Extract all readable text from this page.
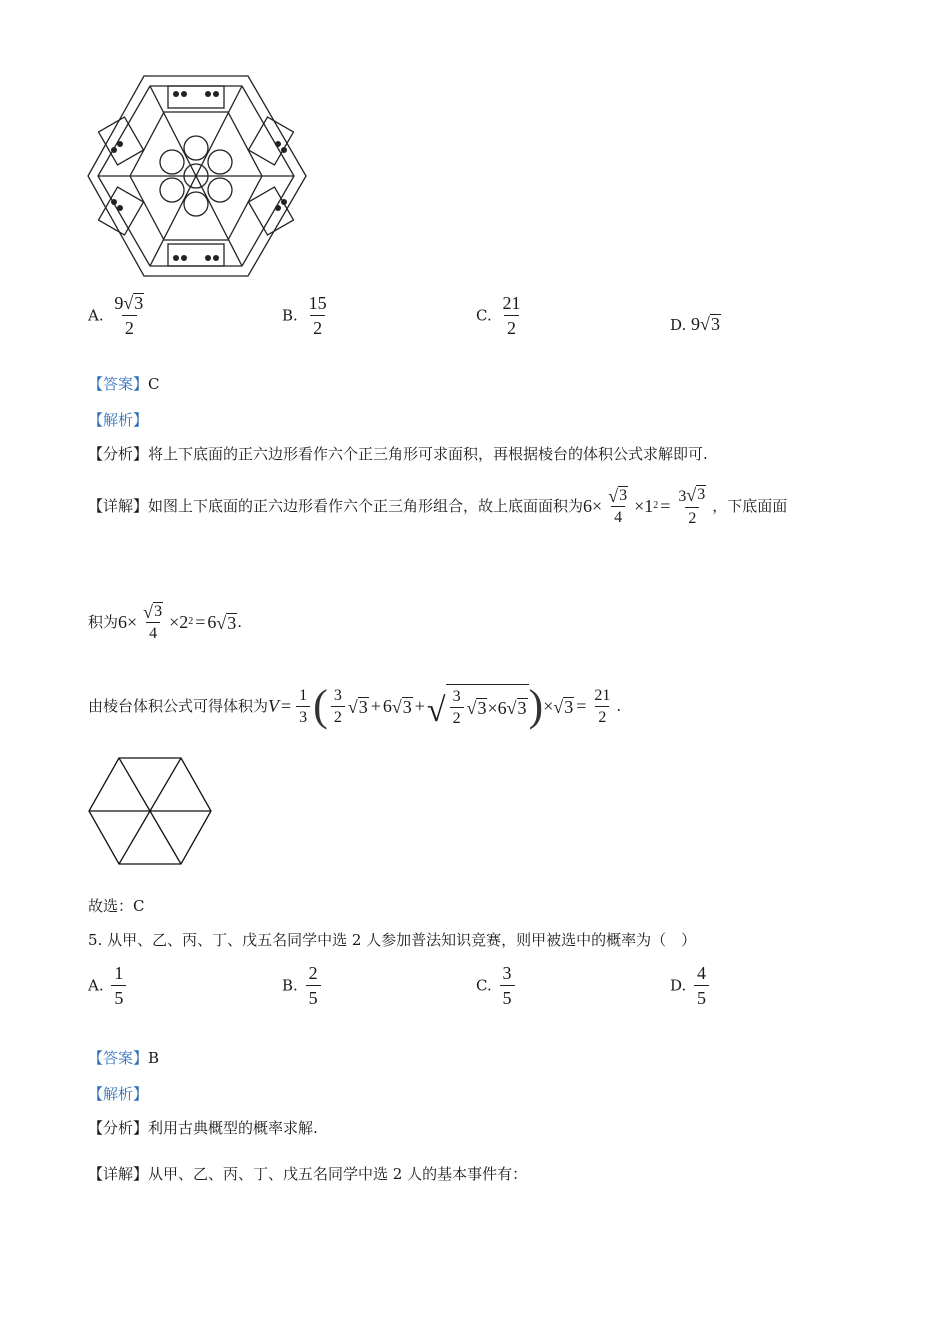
A. $\frac{9 √ 3}{2}$	B. $\frac{15}{2}$	C. $\frac{21}{2}$	D. 9 √ 3
【答案】C
【解析】
【分析】将上下底面的正六边形看作六个正三角形可求面积，再根据棱台的体积公式求解即可.
【详解】 如图上下底面的正六边形看作六个正三角形组合，故上底面面积为 $6 \times \frac{√ 3}{4} \times 1$ $2 = \frac{3 √ 3}{2}$ ，下底面面
积为 $6 \times \frac{√ 3}{4} \times 2$ 2 = 6 √ 3 .
由棱台体积公式可得体积为 $V = \frac{1}{3}$ ( $\frac{3}{2}$ √ 3 + 6 √ 3 + √ $\frac{3}{2}$ √ 3 × 6 √ 3 ) × √ $3 = \frac{21}{2}$ .
故选：C
5. 从甲、乙、丙、丁、戊五名同学中选 2 人参加普法知识竞赛，则甲被选中的概率为（　）
A. $\frac{1}{5}$	B. $\frac{2}{5}$	C. $\frac{3}{5}$	D. $\frac{4}{5}$
【答案】B
【解析】
【分析】利用古典概型的概率求解.
【详解】从甲、乙、丙、丁、戊五名同学中选 2 人的基本事件有：
